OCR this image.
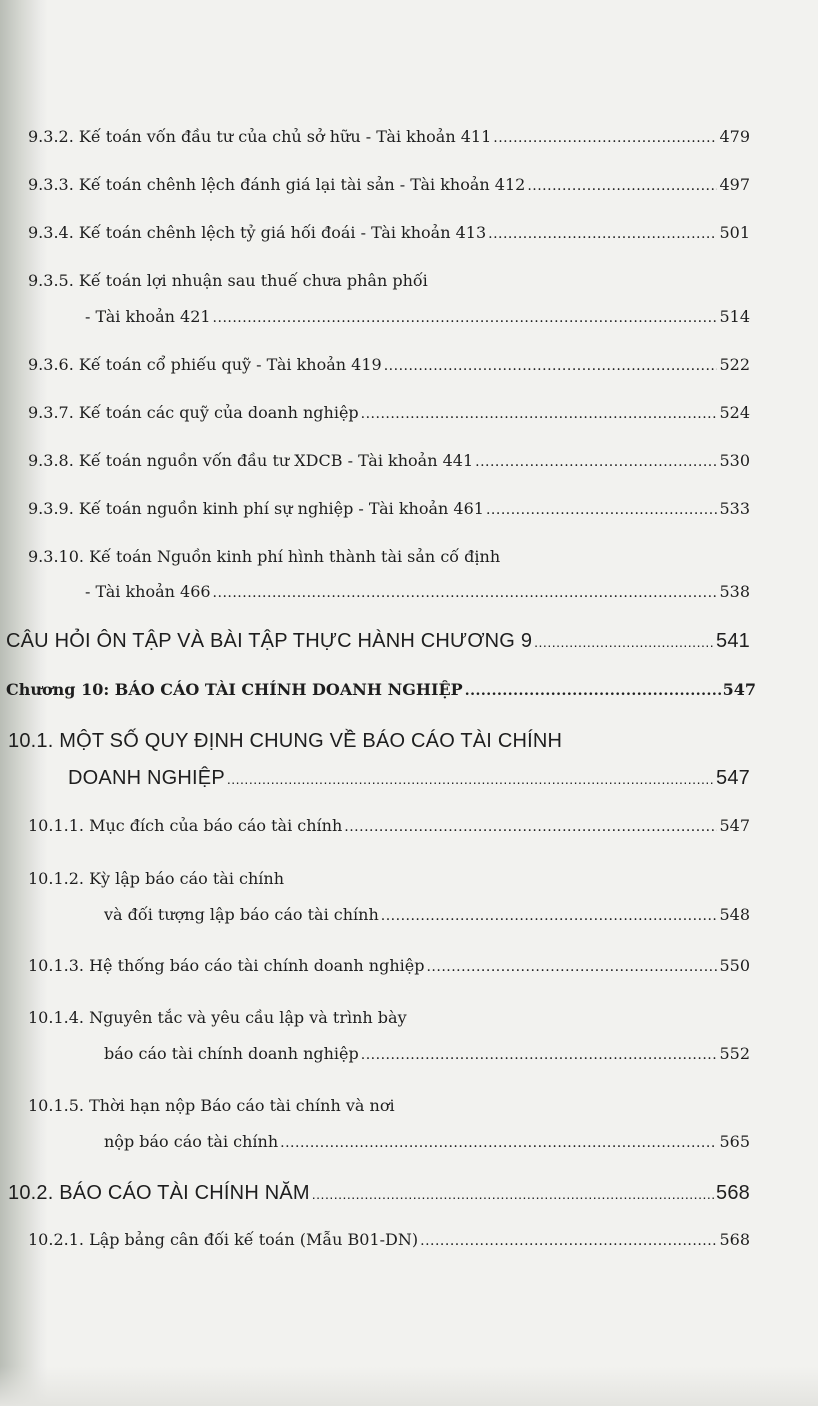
9.3.2. Kế toán vốn đầu tư của chủ sở hữu - Tài khoản 411 .....	479
9.3.3. Kế toán chênh lệch đánh giá lại tài sản - Tài khoản 412 .....	497
9.3.4. Kế toán chênh lệch tỷ giá hối đoái - Tài khoản 413 .....	501
9.3.5. Kế toán lợi nhuận sau thuế chưa phân phối
- Tài khoản 421 .....	514
9.3.6. Kế toán cổ phiếu quỹ - Tài khoản 419 .....	522
9.3.7. Kế toán các quỹ của doanh nghiệp .....	524
9.3.8. Kế toán nguồn vốn đầu tư XDCB - Tài khoản 441 .....	530
9.3.9. Kế toán nguồn kinh phí sự nghiệp - Tài khoản 461 .....	533
9.3.10. Kế toán Nguồn kinh phí hình thành tài sản cố định
- Tài khoản 466 .....	538
CÂU HỎI ÔN TẬP VÀ BÀI TẬP THỰC HÀNH CHƯƠNG 9 .....	541
Chương 10: BÁO CÁO TÀI CHÍNH DOANH NGHIỆP .....	547
10.1. MỘT SỐ QUY ĐỊNH CHUNG VỀ BÁO CÁO TÀI CHÍNH
DOANH NGHIỆP .....	547
10.1.1. Mục đích của báo cáo tài chính .....	547
10.1.2. Kỳ lập báo cáo tài chính
và đối tượng lập báo cáo tài chính .....	548
10.1.3. Hệ thống báo cáo tài chính doanh nghiệp .....	550
10.1.4. Nguyên tắc và yêu cầu lập và trình bày
báo cáo tài chính doanh nghiệp .....	552
10.1.5. Thời hạn nộp Báo cáo tài chính và nơi
nộp báo cáo tài chính .....	565
10.2. BÁO CÁO TÀI CHÍNH NĂM .....	568
10.2.1. Lập bảng cân đối kế toán (Mẫu B01-DN) .....	568
